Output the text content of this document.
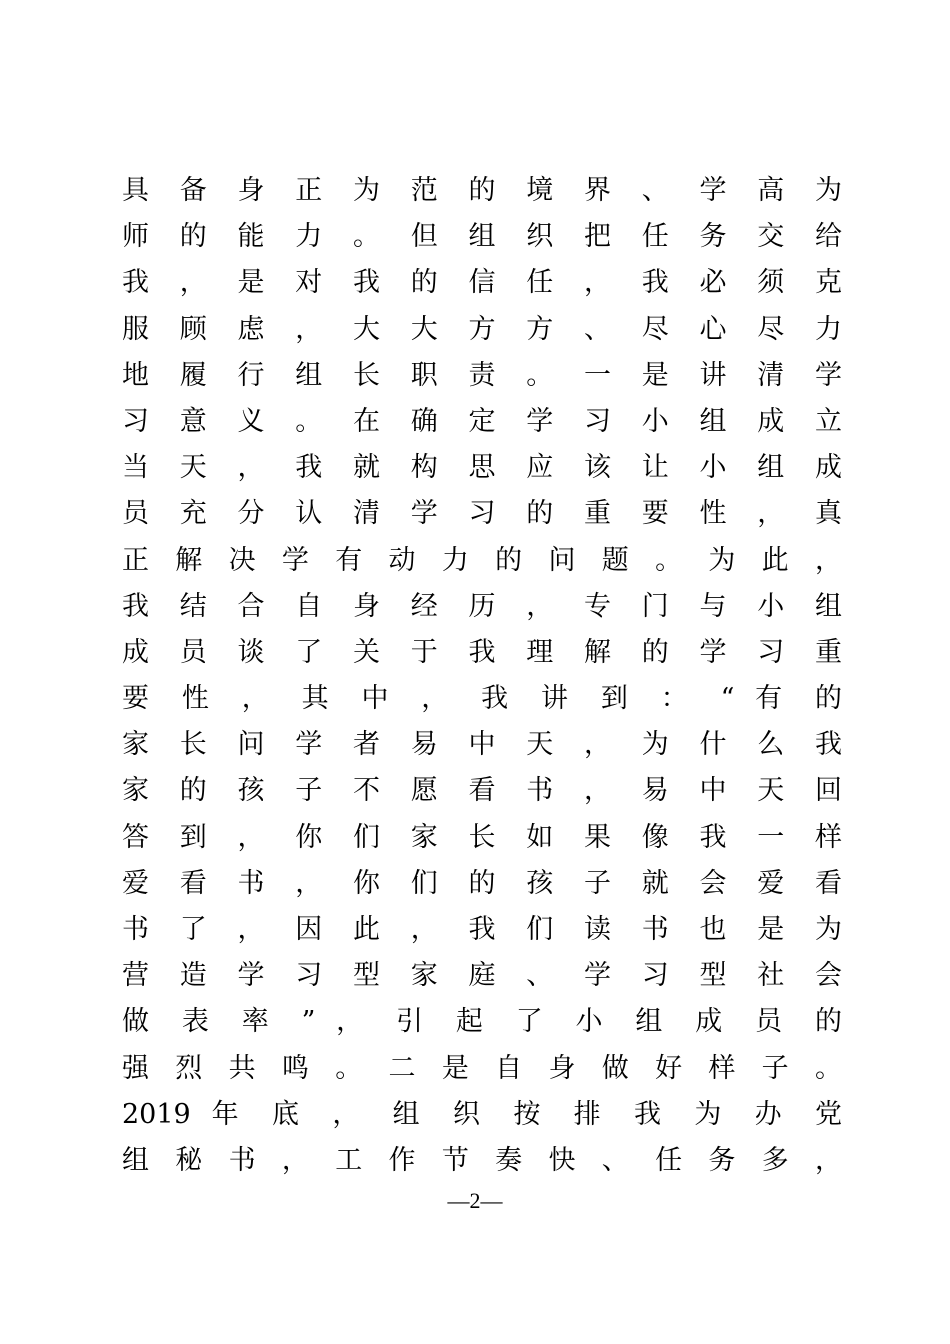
具 备 身 正 为 范 的 境 界 、 学 高 为
师 的 能 力 。 但 组 织 把 任 务 交 给
我 ， 是 对 我 的 信 任 ， 我 必 须 克
服 顾 虑 ， 大 大 方 方 、 尽 心 尽 力
地 履 行 组 长 职 责 。 一 是 讲 清 学
习 意 义 。 在 确 定 学 习 小 组 成 立
当 天 ， 我 就 构 思 应 该 让 小 组 成
员 充 分 认 清 学 习 的 重 要 性 ， 真
正 解 决 学 有 动 力 的 问 题 。 为 此 ，
我 结 合 自 身 经 历 ， 专 门 与 小 组
成 员 谈 了 关 于 我 理 解 的 学 习 重
要 性 ， 其 中 ， 我 讲 到 ： “ 有 的
家 长 问 学 者 易 中 天 ， 为 什 么 我
家 的 孩 子 不 愿 看 书 ， 易 中 天 回
答 到 ， 你 们 家 长 如 果 像 我 一 样
爱 看 书 ， 你 们 的 孩 子 就 会 爱 看
书 了 ， 因 此 ， 我 们 读 书 也 是 为
营 造 学 习 型 家 庭 、 学 习 型 社 会
做 表 率 ” ， 引 起 了 小 组 成 员 的
强 烈 共 鸣 。 二 是 自 身 做 好 样 子 。
2019 年 底 ， 组 织 按 排 我 为 办 党
组 秘 书 ， 工 作 节 奏 快 、 任 务 多 ，
—2—
